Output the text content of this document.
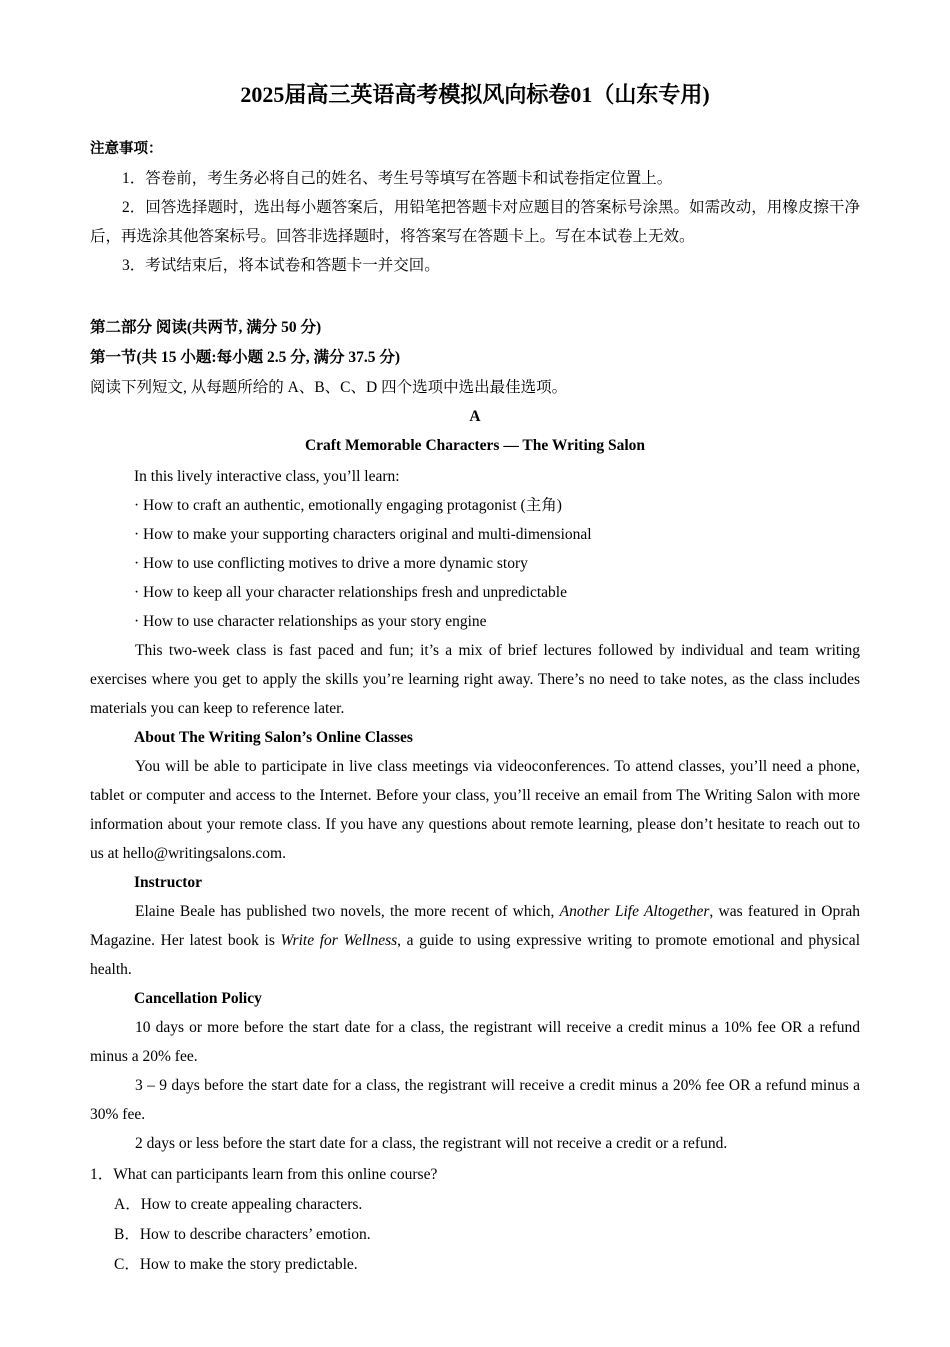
2025届高三英语高考模拟风向标卷01（山东专用)
注意事项：
1．答卷前，考生务必将自己的姓名、考生号等填写在答题卡和试卷指定位置上。
2．回答选择题时，选出每小题答案后，用铅笔把答题卡对应题目的答案标号涂黑。如需改动，用橡皮擦干净后，再选涂其他答案标号。回答非选择题时，将答案写在答题卡上。写在本试卷上无效。
3．考试结束后，将本试卷和答题卡一并交回。
第二部分 阅读(共两节, 满分 50 分)
第一节(共 15 小题:每小题 2.5 分, 满分 37.5 分)
阅读下列短文, 从每题所给的 A、B、C、D 四个选项中选出最佳选项。
A
Craft Memorable Characters — The Writing Salon
In this lively interactive class, you’ll learn:
· How to craft an authentic, emotionally engaging protagonist (主角)
· How to make your supporting characters original and multi-dimensional
· How to use conflicting motives to drive a more dynamic story
· How to keep all your character relationships fresh and unpredictable
· How to use character relationships as your story engine
This two-week class is fast paced and fun; it’s a mix of brief lectures followed by individual and team writing exercises where you get to apply the skills you’re learning right away. There’s no need to take notes, as the class includes materials you can keep to reference later.
About The Writing Salon’s Online Classes
You will be able to participate in live class meetings via videoconferences. To attend classes, you’ll need a phone, tablet or computer and access to the Internet. Before your class, you’ll receive an email from The Writing Salon with more information about your remote class. If you have any questions about remote learning, please don’t hesitate to reach out to us at hello@writingsalons.com.
Instructor
Elaine Beale has published two novels, the more recent of which, Another Life Altogether, was featured in Oprah Magazine. Her latest book is Write for Wellness, a guide to using expressive writing to promote emotional and physical health.
Cancellation Policy
10 days or more before the start date for a class, the registrant will receive a credit minus a 10% fee OR a refund minus a 20% fee.
3 – 9 days before the start date for a class, the registrant will receive a credit minus a 20% fee OR a refund minus a 30% fee.
2 days or less before the start date for a class, the registrant will not receive a credit or a refund.
1．What can participants learn from this online course?
A．How to create appealing characters.
B．How to describe characters’ emotion.
C．How to make the story predictable.
